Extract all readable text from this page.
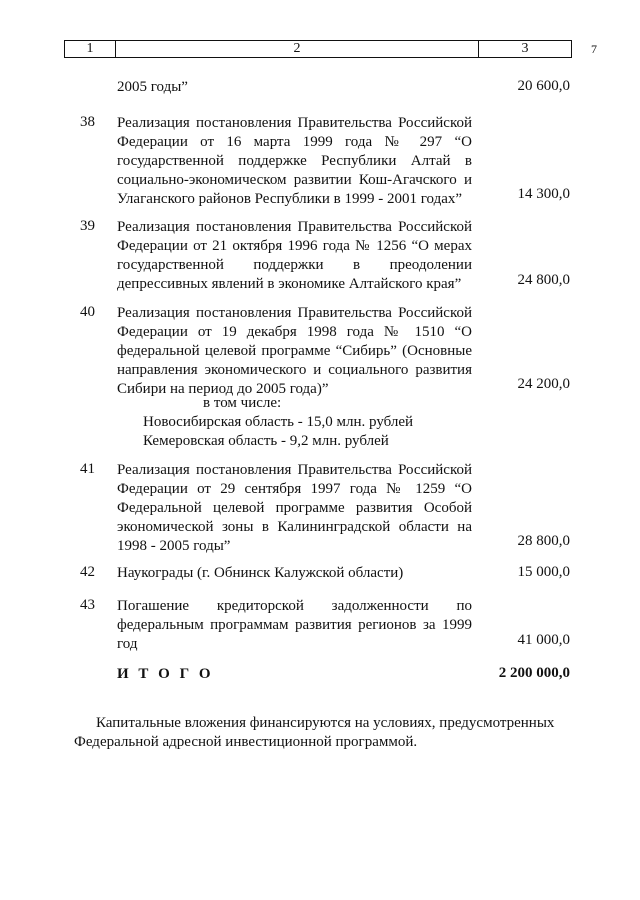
1	2	3	7
2005 годы”	20 600,0
38	Реализация постановления Правительства Российской
Федерации от 16 марта 1999 года № 297 “О
государственной поддержке Республики Алтай в
социально-экономическом развитии Кош-Агачского и
Улаганского районов Республики в 1999 - 2001 годах”	14 300,0
39	Реализация постановления Правительства Российской
Федерации от 21 октября 1996 года № 1256 “О мерах
государственной поддержки в преодолении
депрессивных явлений в экономике Алтайского края”	24 800,0
40	Реализация постановления Правительства Российской
Федерации от 19 декабря 1998 года № 1510 “О
федеральной целевой программе “Сибирь” (Основные
направления экономического и социального развития
Сибири на период до 2005 года)”	24 200,0
в том числе:
Новосибирская область - 15,0 млн. рублей
Кемеровская область - 9,2 млн. рублей
41	Реализация постановления Правительства Российской
Федерации от 29 сентября 1997 года № 1259 “О
Федеральной целевой программе развития Особой
экономической зоны в Калининградской области на
1998 - 2005 годы”	28 800,0
42	Наукограды (г. Обнинск Калужской области)	15 000,0
43	Погашение кредиторской задолженности по
федеральным программам развития регионов за 1999
год	41 000,0
И Т О Г О	2 200 000,0
Капитальные вложения финансируются на условиях, предусмотренных
Федеральной адресной инвестиционной программой.
